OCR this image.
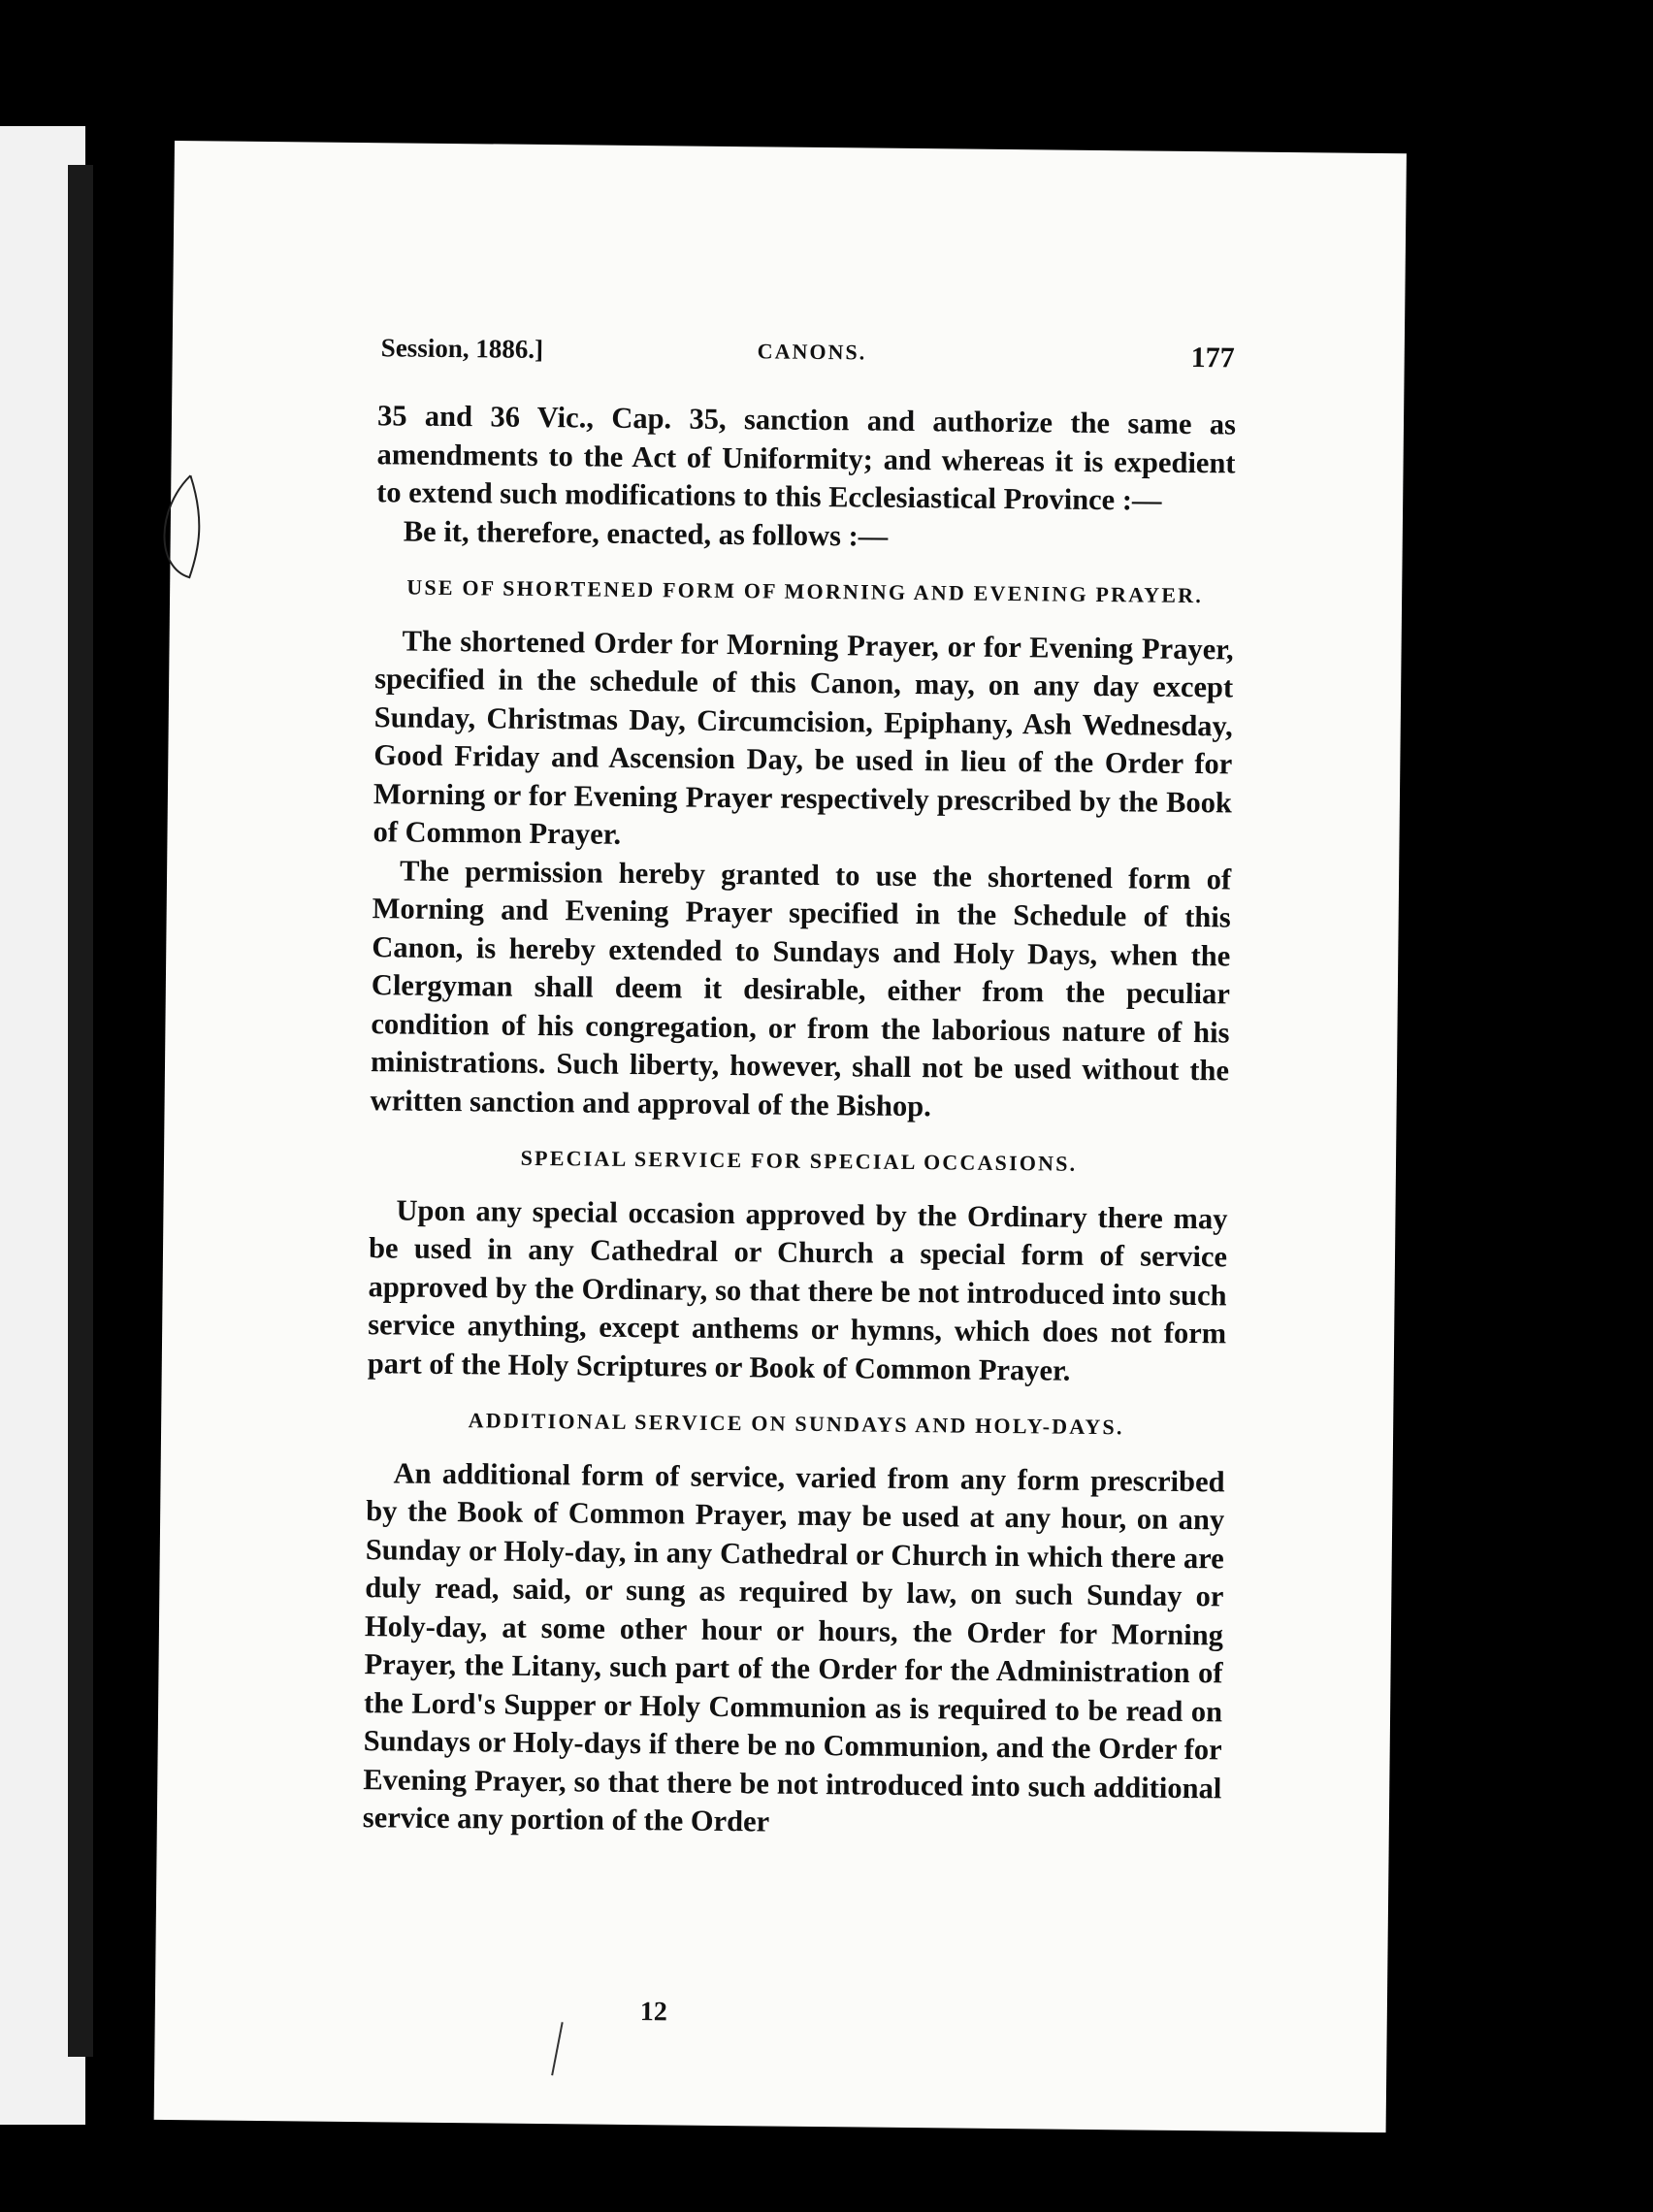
Session, 1886.]	CANONS.	177

35 and 36 Vic., Cap. 35, sanction and authorize the same as amendments to the Act of Uniformity; and whereas it is expedient to extend such modifications to this Ecclesiastical Province :—

Be it, therefore, enacted, as follows :—

USE OF SHORTENED FORM OF MORNING AND EVENING PRAYER.

The shortened Order for Morning Prayer, or for Evening Prayer, specified in the schedule of this Canon, may, on any day except Sunday, Christmas Day, Circumcision, Epiphany, Ash Wednesday, Good Friday and Ascension Day, be used in lieu of the Order for Morning or for Evening Prayer respectively prescribed by the Book of Common Prayer.

The permission hereby granted to use the shortened form of Morning and Evening Prayer specified in the Schedule of this Canon, is hereby extended to Sundays and Holy Days, when the Clergyman shall deem it desirable, either from the peculiar condition of his congregation, or from the laborious nature of his ministrations. Such liberty, however, shall not be used without the written sanction and approval of the Bishop.

SPECIAL SERVICE FOR SPECIAL OCCASIONS.

Upon any special occasion approved by the Ordinary there may be used in any Cathedral or Church a special form of service approved by the Ordinary, so that there be not introduced into such service anything, except anthems or hymns, which does not form part of the Holy Scriptures or Book of Common Prayer.

ADDITIONAL SERVICE ON SUNDAYS AND HOLY-DAYS.

An additional form of service, varied from any form prescribed by the Book of Common Prayer, may be used at any hour, on any Sunday or Holy-day, in any Cathedral or Church in which there are duly read, said, or sung as required by law, on such Sunday or Holy-day, at some other hour or hours, the Order for Morning Prayer, the Litany, such part of the Order for the Administration of the Lord's Supper or Holy Communion as is required to be read on Sundays or Holy-days if there be no Communion, and the Order for Evening Prayer, so that there be not introduced into such additional service any portion of the Order

12
